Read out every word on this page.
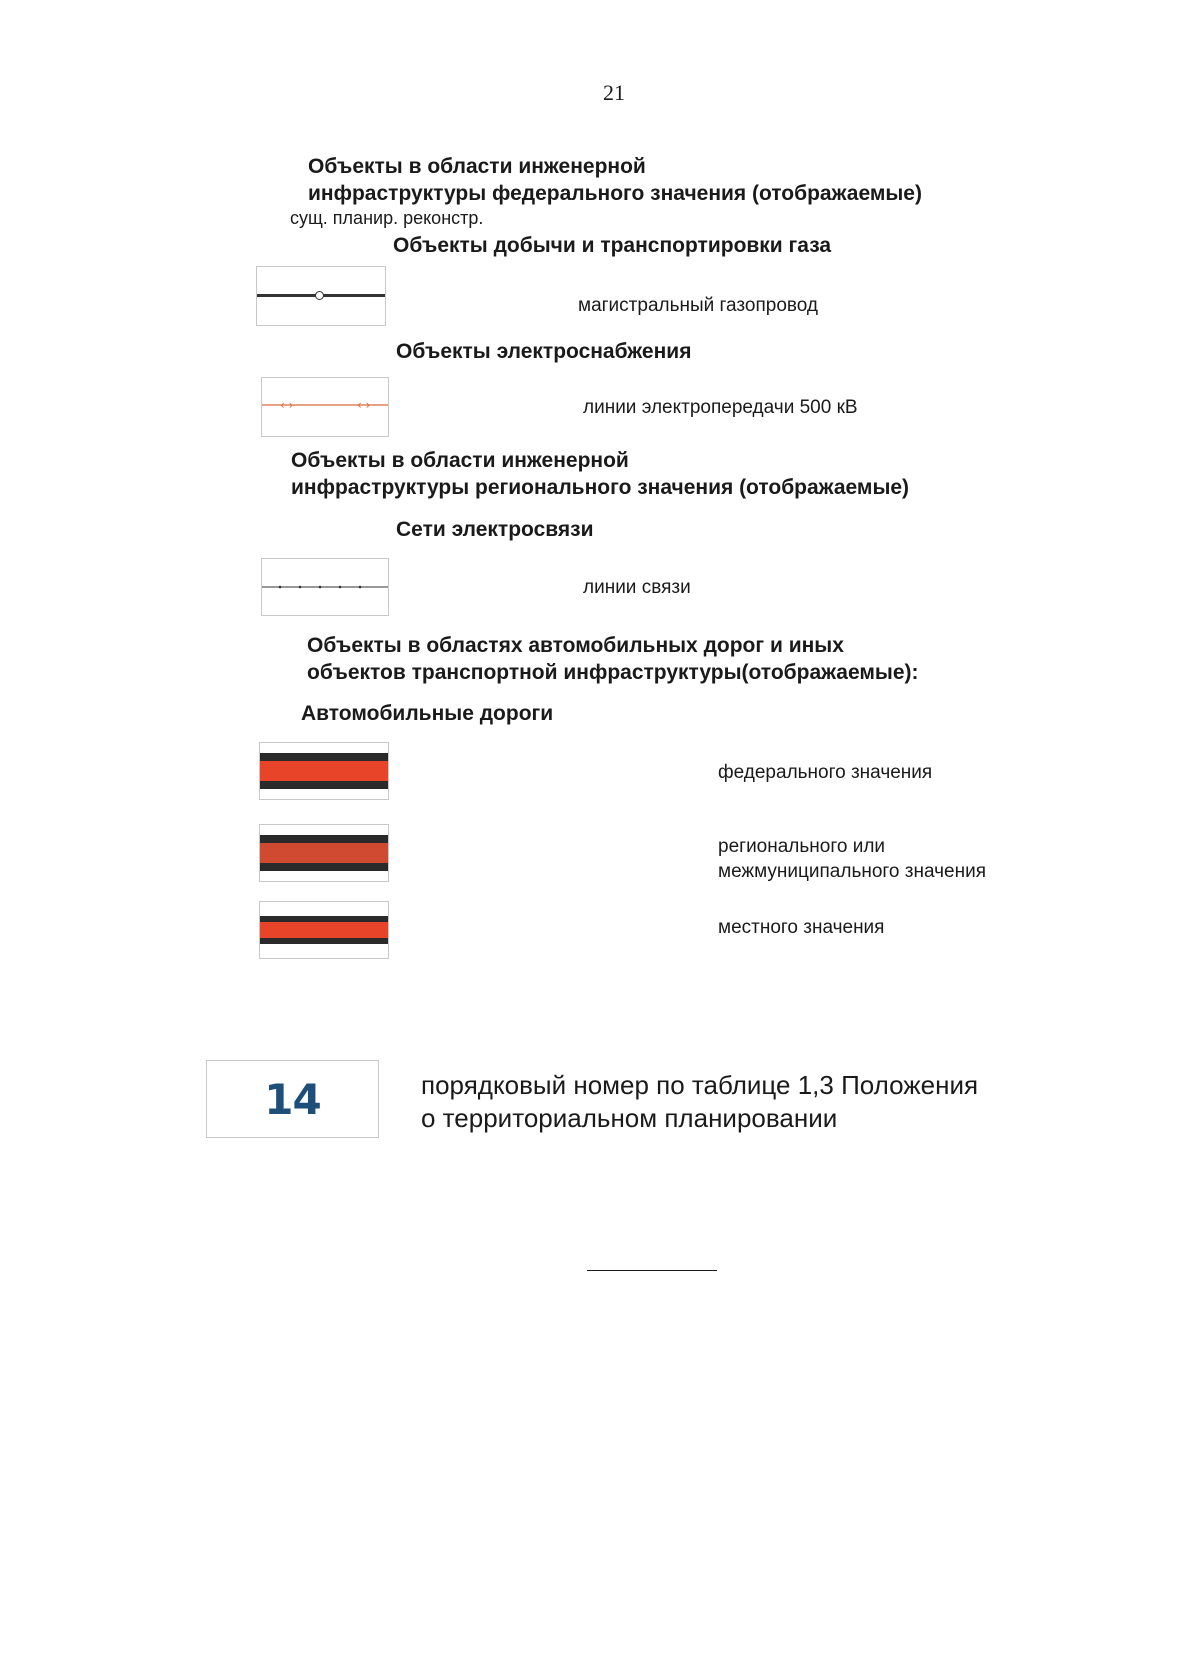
21
Объекты в области инженерной
инфраструктуры федерального значения (отображаемые)
сущ. планир. реконстр.
Объекты добычи и транспортировки газа
магистральный газопровод
Объекты электроснабжения
‹ ›	‹ ›	линии электропередачи 500 кВ
Объекты в области инженерной
инфраструктуры регионального значения (отображаемые)
Сети электросвязи
линии связи
Объекты в областях автомобильных дорог и иных
объектов транспортной инфраструктуры(отображаемые):
Автомобильные дороги
федерального значения
регионального или
межмуниципального значения
местного значения
14	порядковый номер по таблице 1,3 Положения
о территориальном планировании
